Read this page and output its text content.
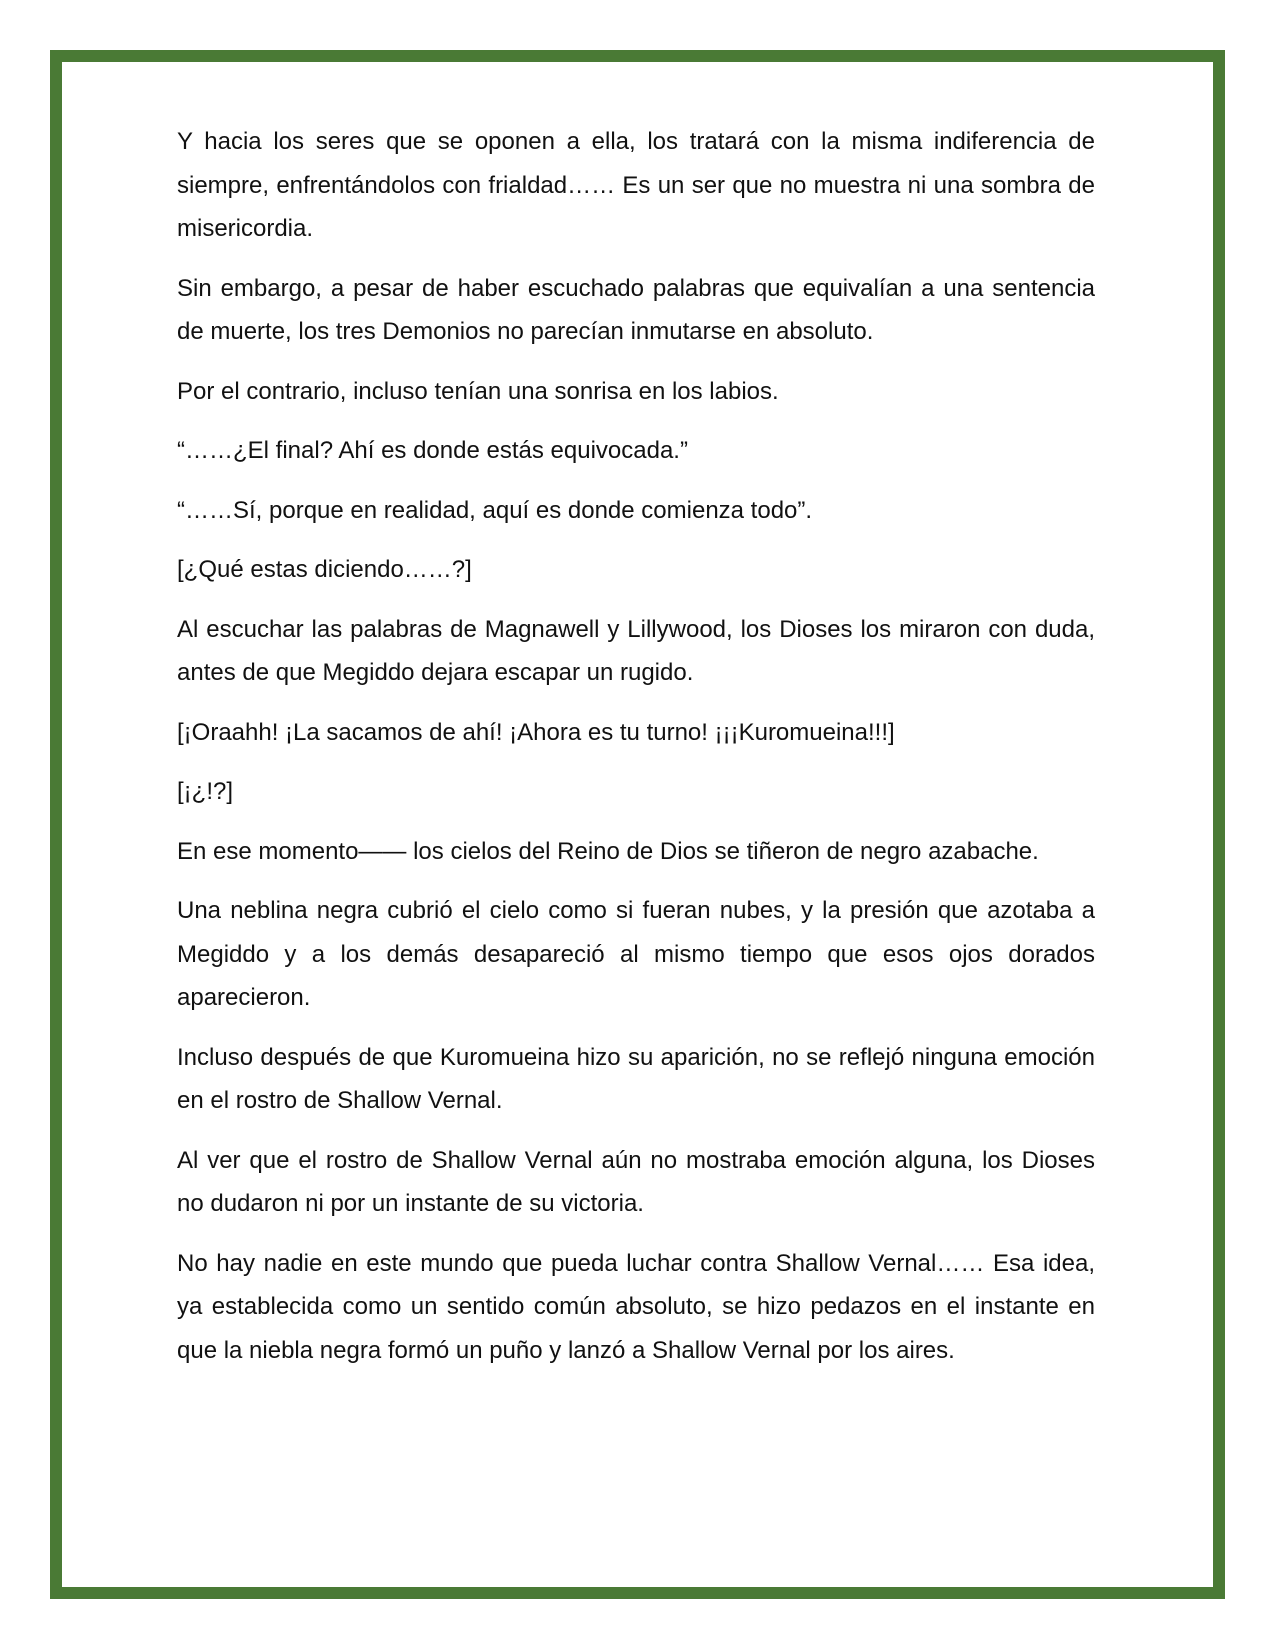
Y hacia los seres que se oponen a ella, los tratará con la misma indiferencia de siempre, enfrentándolos con frialdad…… Es un ser que no muestra ni una sombra de misericordia.

Sin embargo, a pesar de haber escuchado palabras que equivalían a una sentencia de muerte, los tres Demonios no parecían inmutarse en absoluto.

Por el contrario, incluso tenían una sonrisa en los labios.

“……¿El final? Ahí es donde estás equivocada.”

“……Sí, porque en realidad, aquí es donde comienza todo”.

[¿Qué estas diciendo……?]

Al escuchar las palabras de Magnawell y Lillywood, los Dioses los miraron con duda, antes de que Megiddo dejara escapar un rugido.

[¡Oraahh! ¡La sacamos de ahí! ¡Ahora es tu turno! ¡¡¡Kuromueina!!!]

[¡¿!?]

En ese momento—— los cielos del Reino de Dios se tiñeron de negro azabache.

Una neblina negra cubrió el cielo como si fueran nubes, y la presión que azotaba a Megiddo y a los demás desapareció al mismo tiempo que esos ojos dorados aparecieron.

Incluso después de que Kuromueina hizo su aparición, no se reflejó ninguna emoción en el rostro de Shallow Vernal.

Al ver que el rostro de Shallow Vernal aún no mostraba emoción alguna, los Dioses no dudaron ni por un instante de su victoria.

No hay nadie en este mundo que pueda luchar contra Shallow Vernal…… Esa idea, ya establecida como un sentido común absoluto, se hizo pedazos en el instante en que la niebla negra formó un puño y lanzó a Shallow Vernal por los aires.
